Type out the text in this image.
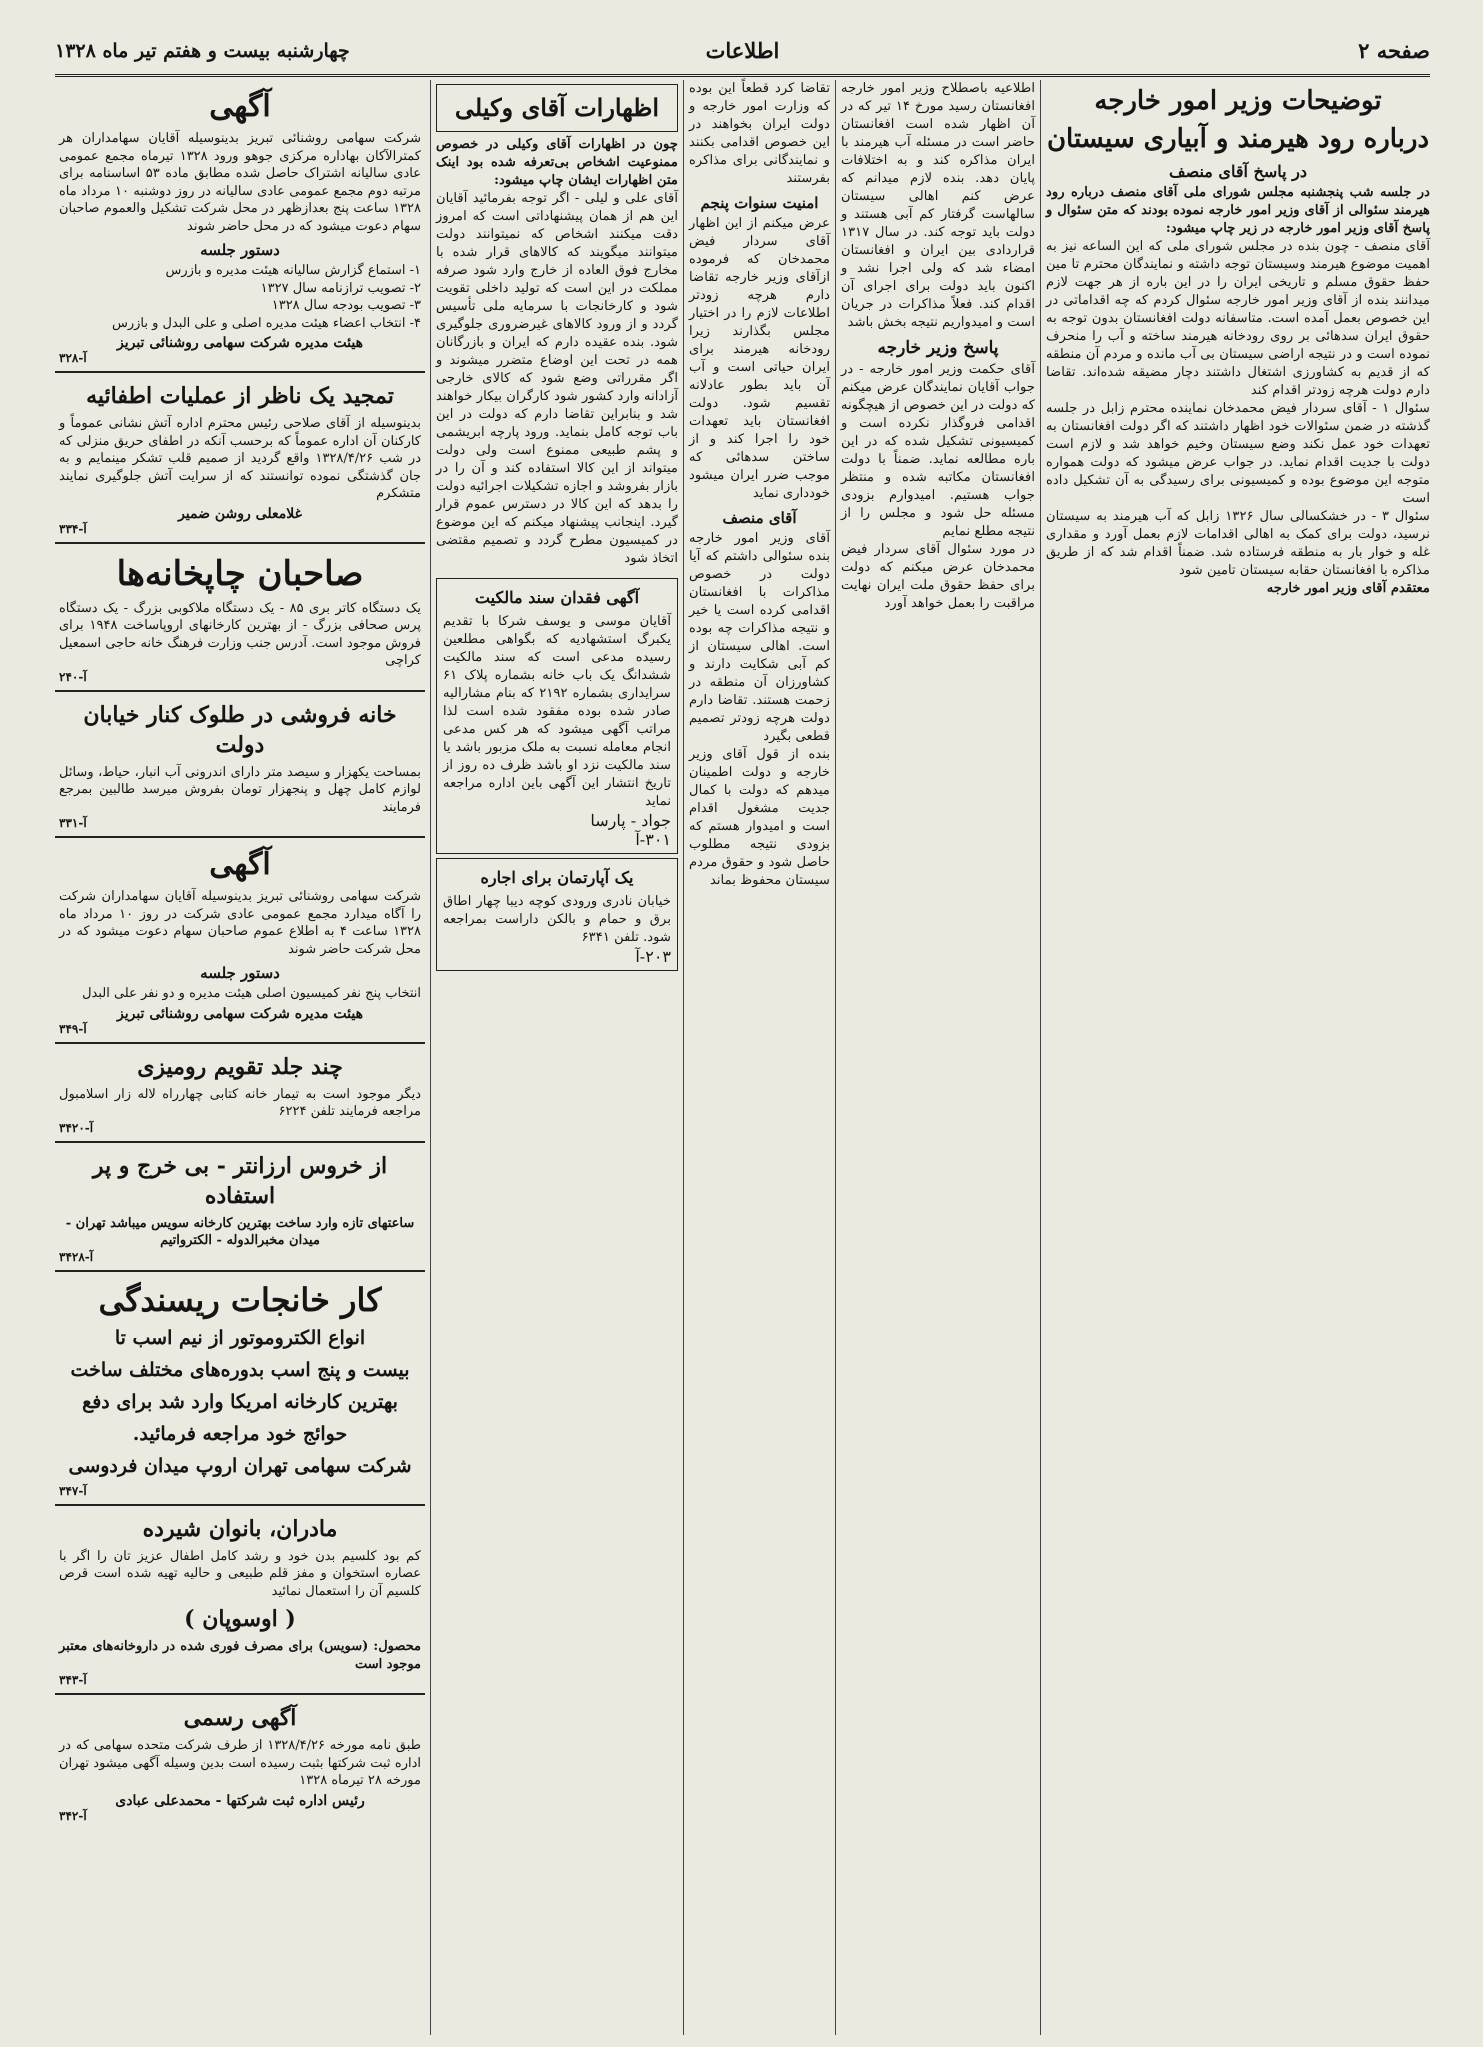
چهارشنبه بیست و هفتم تیر ماه ۱۳۲۸	اطلاعات	صفحه ۲
آگهی
شرکت سهامی روشنائی تبریز بدینوسیله آقایان سهامداران هر کمترالآکان بهاداره مرکزی جوهو ورود ۱۳۲۸ تیرماه مجمع عمومی عادی سالیانه اشتراک حاصل شده مطابق ماده ۵۳ اساسنامه برای مرتبه دوم مجمع عمومی عادی سالیانه در روز دوشنبه ۱۰ مرداد ماه ۱۳۲۸ ساعت پنج بعدازظهر در محل شرکت تشکیل والعموم صاحبان سهام دعوت میشود که در محل حاضر شوند
دستور جلسه
۱- استماع گزارش سالیانه هیئت مدیره و بازرس
۲- تصویب ترازنامه سال ۱۳۲۷
۳- تصویب بودجه سال ۱۳۲۸
۴- انتخاب اعضاء هیئت مدیره اصلی و علی البدل و بازرس
هیئت مدیره شرکت سهامی روشنائی تبریز
۳۲۸-آ
تمجید یک ناظر از عملیات اطفائیه
بدینوسیله از آقای صلاحی رئیس محترم اداره آتش نشانی عموماً و کارکنان آن اداره عموماً که برحسب آنکه در اطفای حریق منزلی که در شب ۱۳۲۸/۴/۲۶ واقع گردید از صمیم قلب تشکر مینمایم و به جان گذشتگی نموده توانستند که از سرایت آتش جلوگیری نمایند متشکرم
غلامعلی روشن ضمیر
۳۳۴-آ
صاحبان چاپخانه‌ها
یک دستگاه کاتر بری ۸۵ - یک دستگاه ملاکوبی بزرگ - یک دستگاه پرس صحافی بزرگ - از بهترین کارخانهای اروپاساخت ۱۹۴۸ برای فروش موجود است. آدرس جنب وزارت فرهنگ خانه حاجی اسمعیل کراچی
۲۴۰-آ
خانه فروشی در طلوک کنار خیابان دولت
بمساحت یکهزار و سیصد متر دارای اندرونی آب انبار، حیاط، وسائل لوازم کامل چهل و پنجهزار تومان بفروش میرسد طالبین بمرجع فرمایند
۳۳۱-آ
آگهی
شرکت سهامی روشنائی تبریز بدینوسیله آقایان سهامداران شرکت را آگاه میدارد مجمع عمومی عادی شرکت در روز ۱۰ مرداد ماه ۱۳۲۸ ساعت ۴ به اطلاع عموم صاحبان سهام دعوت میشود که در محل شرکت حاضر شوند
دستور جلسه
انتخاب پنج نفر کمیسیون اصلی هیئت مدیره و دو نفر علی البدل
هیئت مدیره شرکت سهامی روشنائی تبریز
۳۴۹-آ
چند جلد تقویم رومیزی
دیگر موجود است به تیمار خانه کتابی چهارراه لاله زار اسلامبول مراجعه فرمایند تلفن ۶۲۲۴
۳۴۲۰-آ
از خروس ارزانتر - بی خرج و پر استفاده
ساعتهای تازه وارد ساخت بهترین کارخانه سویس میباشد تهران - میدان مخبرالدوله - الکترواتیم
۳۴۲۸-آ
کار خانجات ریسندگی
انواع الکتروموتور از نیم اسب تا
بیست و پنج اسب بدوره‌های مختلف ساخت
بهترین کارخانه امریکا وارد شد برای دفع
حوائج خود مراجعه فرمائید.
شرکت سهامی تهران اروپ میدان فردوسی
۳۴۷-آ
مادران، بانوان شیرده
کم بود کلسیم بدن خود و رشد کامل اطفال عزیز تان را اگر با عصاره استخوان و مفز قلم طبیعی و حالیه تهیه شده است قرص کلسیم آن را استعمال نمائید
( اوسوپان )
محصول: (سویس) برای مصرف فوری شده در داروخانه‌های معتبر موجود است
۳۴۳-آ
آگهی رسمی
طبق نامه مورخه ۱۳۲۸/۴/۲۶ از طرف شرکت متحده سهامی که در اداره ثبت شرکتها بثبت رسیده است بدین وسیله آگهی میشود تهران مورخه ۲۸ تیرماه ۱۳۲۸
رئیس اداره ثبت شرکتها - محمدعلی عبادی
۳۴۲-آ
اظهارات آقای وکیلی
چون در اظهارات آقای وکیلی در خصوص ممنوعیت اشخاص بی‌تعرفه شده بود اینک متن اظهارات ایشان چاپ میشود:
آقای علی و لیلی - اگر توجه بفرمائید آقایان این هم از همان پیشنهاداتی است که امروز دقت میکنند اشخاص که نمیتوانند دولت میتوانند میگویند که کالاهای قرار شده با مخارج فوق العاده از خارج وارد شود صرفه مملکت در این است که تولید داخلی تقویت شود و کارخانجات با سرمایه ملی تأسیس گردد و از ورود کالاهای غیرضروری جلوگیری شود. بنده عقیده دارم که ایران و بازرگانان همه در تحت این اوضاع متضرر میشوند و اگر مقرراتی وضع شود که کالای خارجی آزادانه وارد کشور شود کارگران بیکار خواهند شد و بنابراین تقاضا دارم که دولت در این باب توجه کامل بنماید. ورود پارچه ابریشمی و پشم طبیعی ممنوع است ولی دولت میتواند از این کالا استفاده کند و آن را در بازار بفروشد و اجازه تشکیلات اجرائیه دولت را بدهد که این کالا در دسترس عموم قرار گیرد. اینجانب پیشنهاد میکنم که این موضوع در کمیسیون مطرح گردد و تصمیم مقتضی اتخاذ شود
آگهی فقدان سند مالکیت
آقایان موسی و یوسف شرکا با تقدیم یکبرگ استشهادیه که بگواهی مطلعین رسیده مدعی است که سند مالکیت ششدانگ یک باب خانه بشماره پلاک ۶۱ سرایداری بشماره ۲۱۹۲ که بنام مشارالیه صادر شده بوده مفقود شده است لذا مراتب آگهی میشود که هر کس مدعی انجام معامله نسبت به ملک مزبور باشد یا سند مالکیت نزد او باشد ظرف ده روز از تاریخ انتشار این آگهی باین اداره مراجعه نماید
جواد - پارسا
۳۰۱-آ
یک آپارتمان برای اجاره
خیابان نادری ورودی کوچه دیبا چهار اطاق برق و حمام و بالکن داراست بمراجعه شود. تلفن ۶۳۴۱
۲۰۳-آ
تقاضا کرد قطعاً این بوده که وزارت امور خارجه و دولت ایران بخواهند در این خصوص اقدامی بکنند و نمایندگانی برای مذاکره بفرستند
امنیت سنوات پنجم
عرض میکنم از این اظهار آقای سردار فیض محمدخان که فرموده ازآقای وزیر خارجه تقاضا دارم هرچه زودتر اطلاعات لازم را در اختیار مجلس بگذارند زیرا رودخانه هیرمند برای ایران حیاتی است و آب آن باید بطور عادلانه تقسیم شود. دولت افغانستان باید تعهدات خود را اجرا کند و از ساختن سدهائی که موجب ضرر ایران میشود خودداری نماید
آقای منصف
آقای وزیر امور خارجه بنده سئوالی داشتم که آیا دولت در خصوص مذاکرات با افغانستان اقدامی کرده است یا خیر و نتیجه مذاکرات چه بوده است. اهالی سیستان از کم آبی شکایت دارند و کشاورزان آن منطقه در زحمت هستند. تقاضا دارم دولت هرچه زودتر تصمیم قطعی بگیرد
بنده از قول آقای وزیر خارجه و دولت اطمینان میدهم که دولت با کمال جدیت مشغول اقدام است و امیدوار هستم که بزودی نتیجه مطلوب حاصل شود و حقوق مردم سیستان محفوظ بماند
اطلاعیه باصطلاح وزیر امور خارجه افغانستان رسید مورخ ۱۴ تیر که در آن اظهار شده است افغانستان حاضر است در مسئله آب هیرمند با ایران مذاکره کند و به اختلافات پایان دهد. بنده لازم میدانم که عرض کنم اهالی سیستان سالهاست گرفتار کم آبی هستند و دولت باید توجه کند. در سال ۱۳۱۷ قراردادی بین ایران و افغانستان امضاء شد که ولی اجرا نشد و اکنون باید دولت برای اجرای آن اقدام کند. فعلاً مذاکرات در جریان است و امیدواریم نتیجه بخش باشد
پاسخ وزیر خارجه
آقای حکمت وزیر امور خارجه - در جواب آقایان نمایندگان عرض میکنم که دولت در این خصوص از هیچگونه اقدامی فروگذار نکرده است و کمیسیونی تشکیل شده که در این باره مطالعه نماید. ضمناً با دولت افغانستان مکاتبه شده و منتظر جواب هستیم. امیدوارم بزودی مسئله حل شود و مجلس را از نتیجه مطلع نمایم
در مورد سئوال آقای سردار فیض محمدخان عرض میکنم که دولت برای حفظ حقوق ملت ایران نهایت مراقبت را بعمل خواهد آورد
توضیحات وزیر امور خارجه
درباره رود هیرمند و آبیاری سیستان
در پاسخ آقای منصف
در جلسه شب پنجشنبه مجلس شورای ملی آقای منصف درباره رود هیرمند سئوالی از آقای وزیر امور خارجه نموده بودند که متن سئوال و پاسخ آقای وزیر امور خارجه در زیر چاپ میشود:
آقای منصف - چون بنده در مجلس شورای ملی که این الساعه نیز به اهمیت موضوع هیرمند وسیستان توجه داشته و نمایندگان محترم تا مین حفظ حقوق مسلم و تاریخی ایران را در این باره از هر جهت لازم میدانند بنده از آقای وزیر امور خارجه سئوال کردم که چه اقداماتی در این خصوص بعمل آمده است. متاسفانه دولت افغانستان بدون توجه به حقوق ایران سدهائی بر روی رودخانه هیرمند ساخته و آب را منحرف نموده است و در نتیجه اراضی سیستان بی آب مانده و مردم آن منطقه که از قدیم به کشاورزی اشتغال داشتند دچار مضیقه شده‌اند. تقاضا دارم دولت هرچه زودتر اقدام کند
سئوال ۱ - آقای سردار فیض محمدخان نماینده محترم زابل در جلسه گذشته در ضمن سئوالات خود اظهار داشتند که اگر دولت افغانستان به تعهدات خود عمل نکند وضع سیستان وخیم خواهد شد و لازم است دولت با جدیت اقدام نماید. در جواب عرض میشود که دولت همواره متوجه این موضوع بوده و کمیسیونی برای رسیدگی به آن تشکیل داده است
سئوال ۳ - در خشکسالی سال ۱۳۲۶ زابل که آب هیرمند به سیستان نرسید، دولت برای کمک به اهالی اقدامات لازم بعمل آورد و مقداری غله و خوار بار به منطقه فرستاده شد. ضمناً اقدام شد که از طریق مذاکره با افغانستان حقابه سیستان تامین شود
معتقدم آقای وزیر امور خارجه
